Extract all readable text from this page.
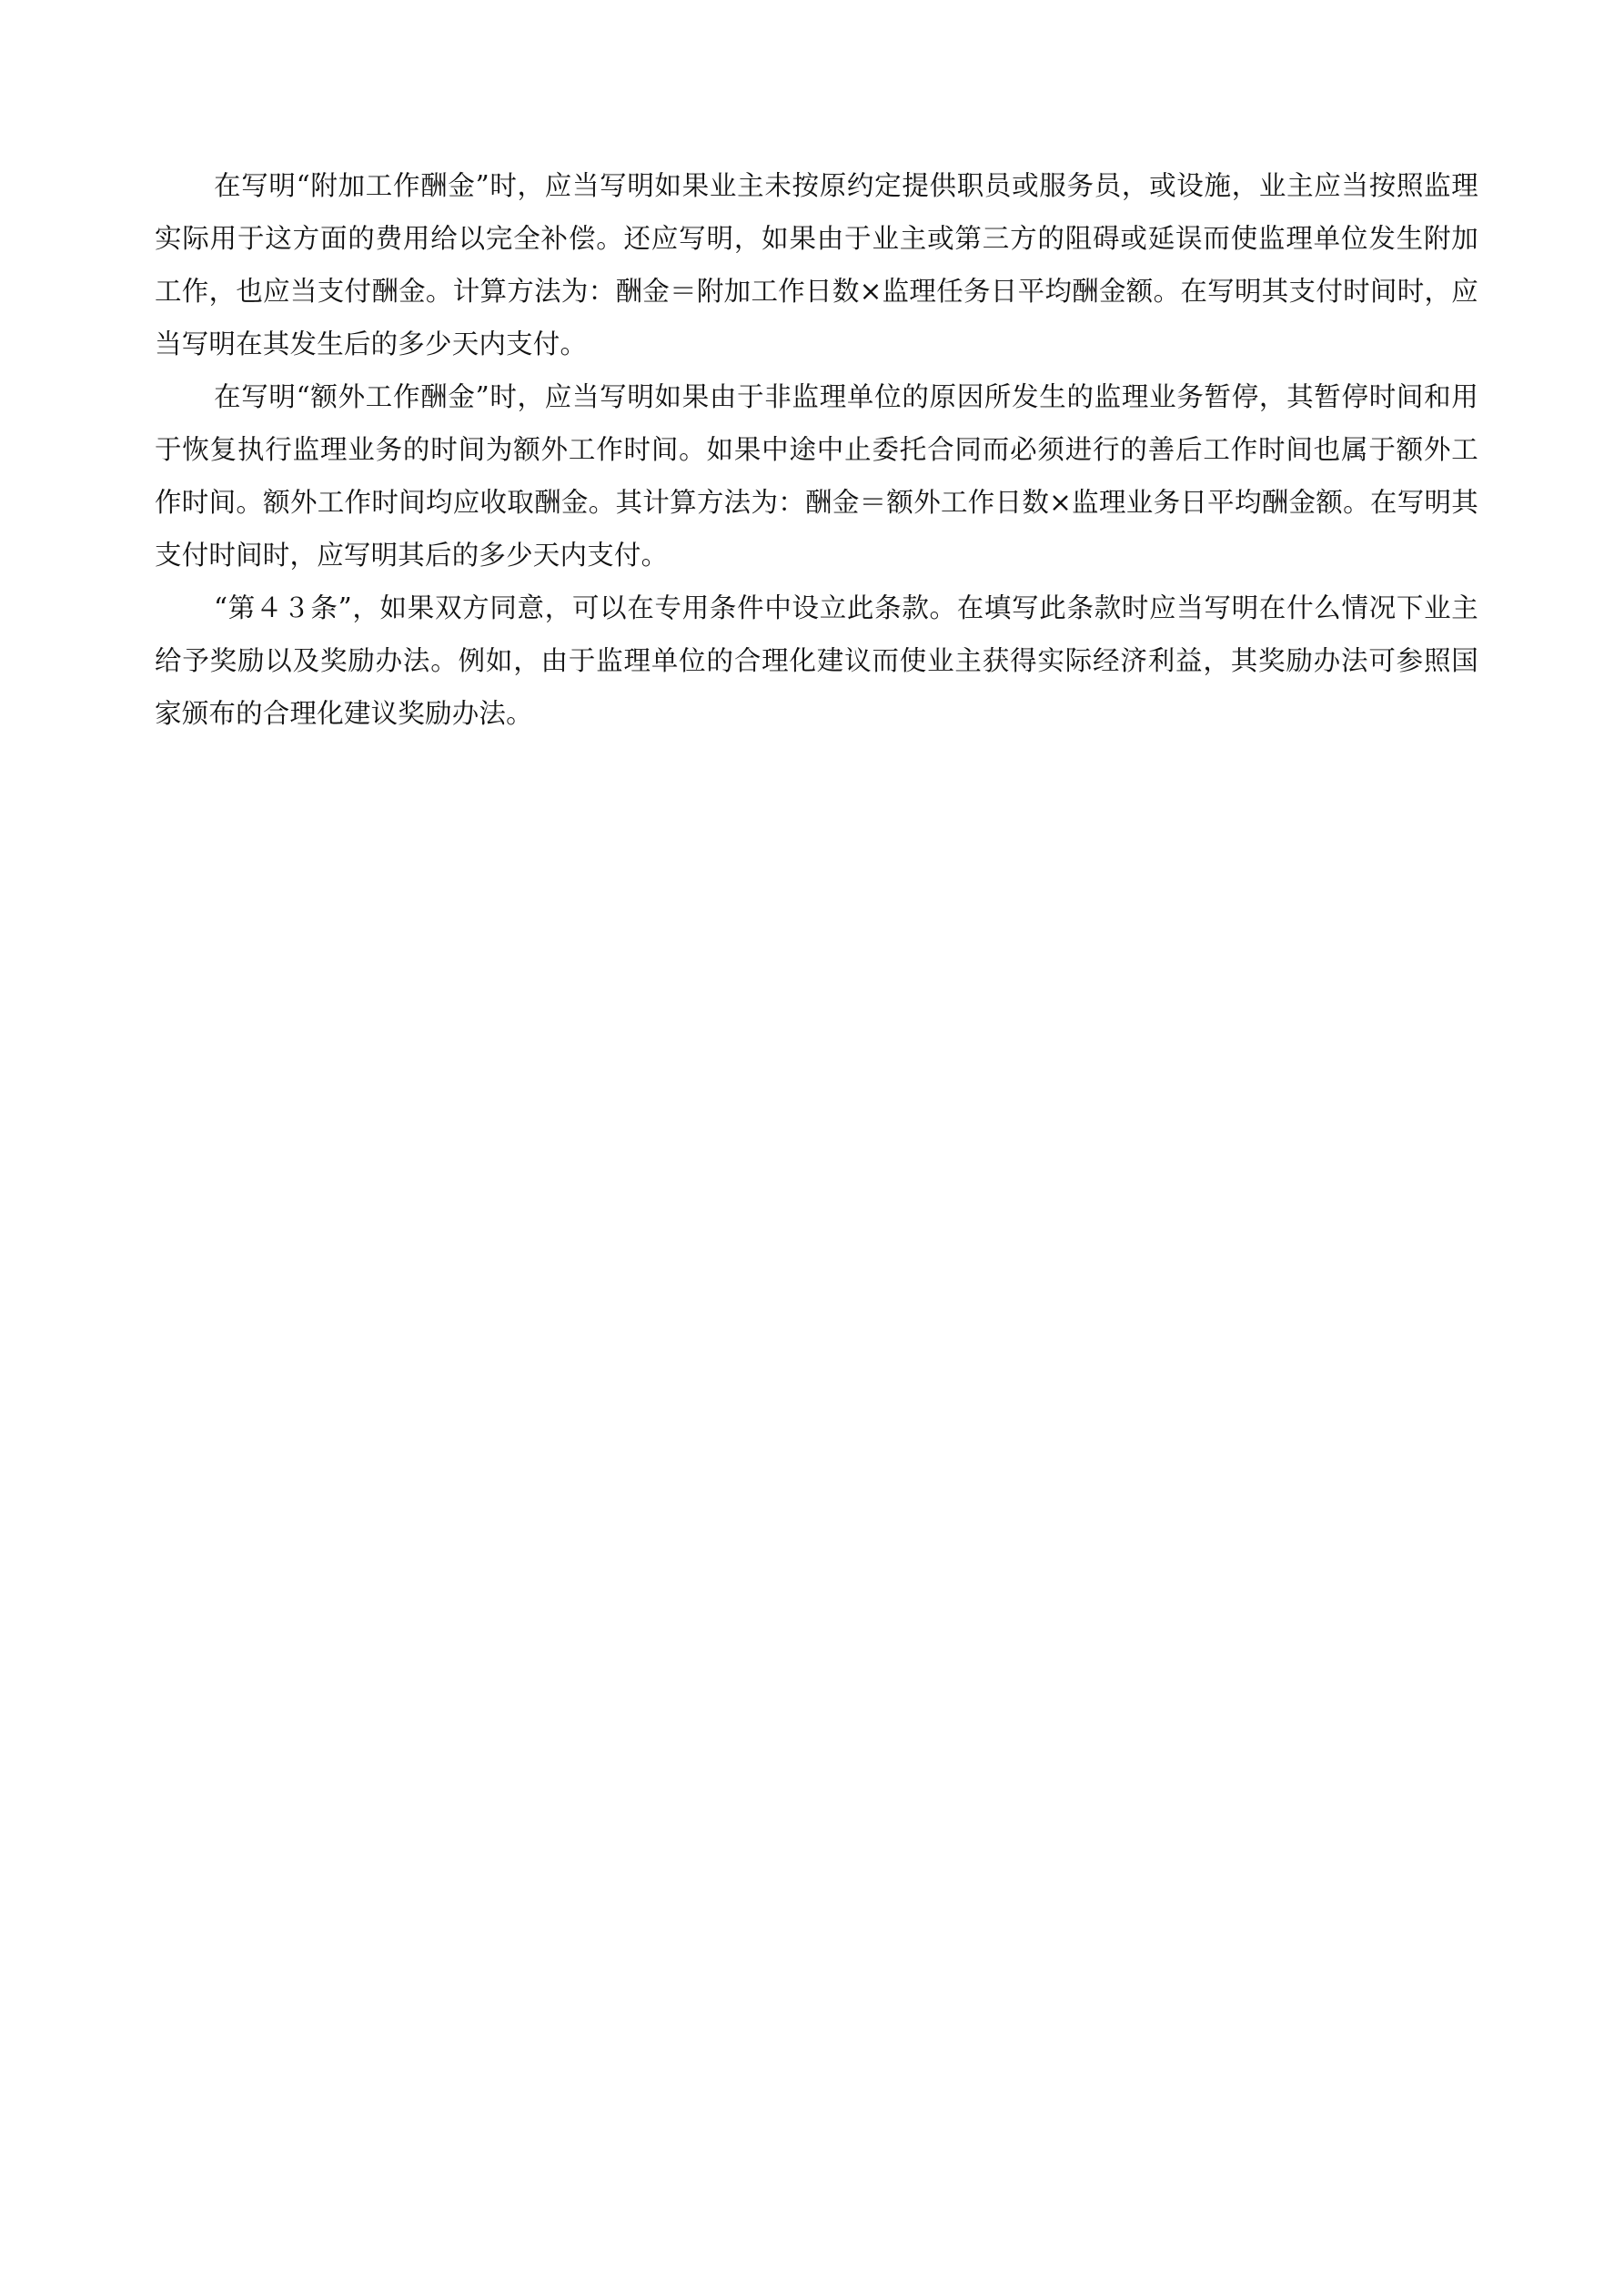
在写明“附加工作酬金”时，应当写明如果业主未按原约定提供职员或服务员，或设施，业主应当按照监理实际用于这方面的费用给以完全补偿。还应写明，如果由于业主或第三方的阻碍或延误而使监理单位发生附加工作，也应当支付酬金。计算方法为：酬金＝附加工作日数×监理任务日平均酬金额。在写明其支付时间时，应当写明在其发生后的多少天内支付。

在写明“额外工作酬金”时，应当写明如果由于非监理单位的原因所发生的监理业务暂停，其暂停时间和用于恢复执行监理业务的时间为额外工作时间。如果中途中止委托合同而必须进行的善后工作时间也属于额外工作时间。额外工作时间均应收取酬金。其计算方法为：酬金＝额外工作日数×监理业务日平均酬金额。在写明其支付时间时，应写明其后的多少天内支付。

“第４３条”，如果双方同意，可以在专用条件中设立此条款。在填写此条款时应当写明在什么情况下业主给予奖励以及奖励办法。例如，由于监理单位的合理化建议而使业主获得实际经济利益，其奖励办法可参照国家颁布的合理化建议奖励办法。
